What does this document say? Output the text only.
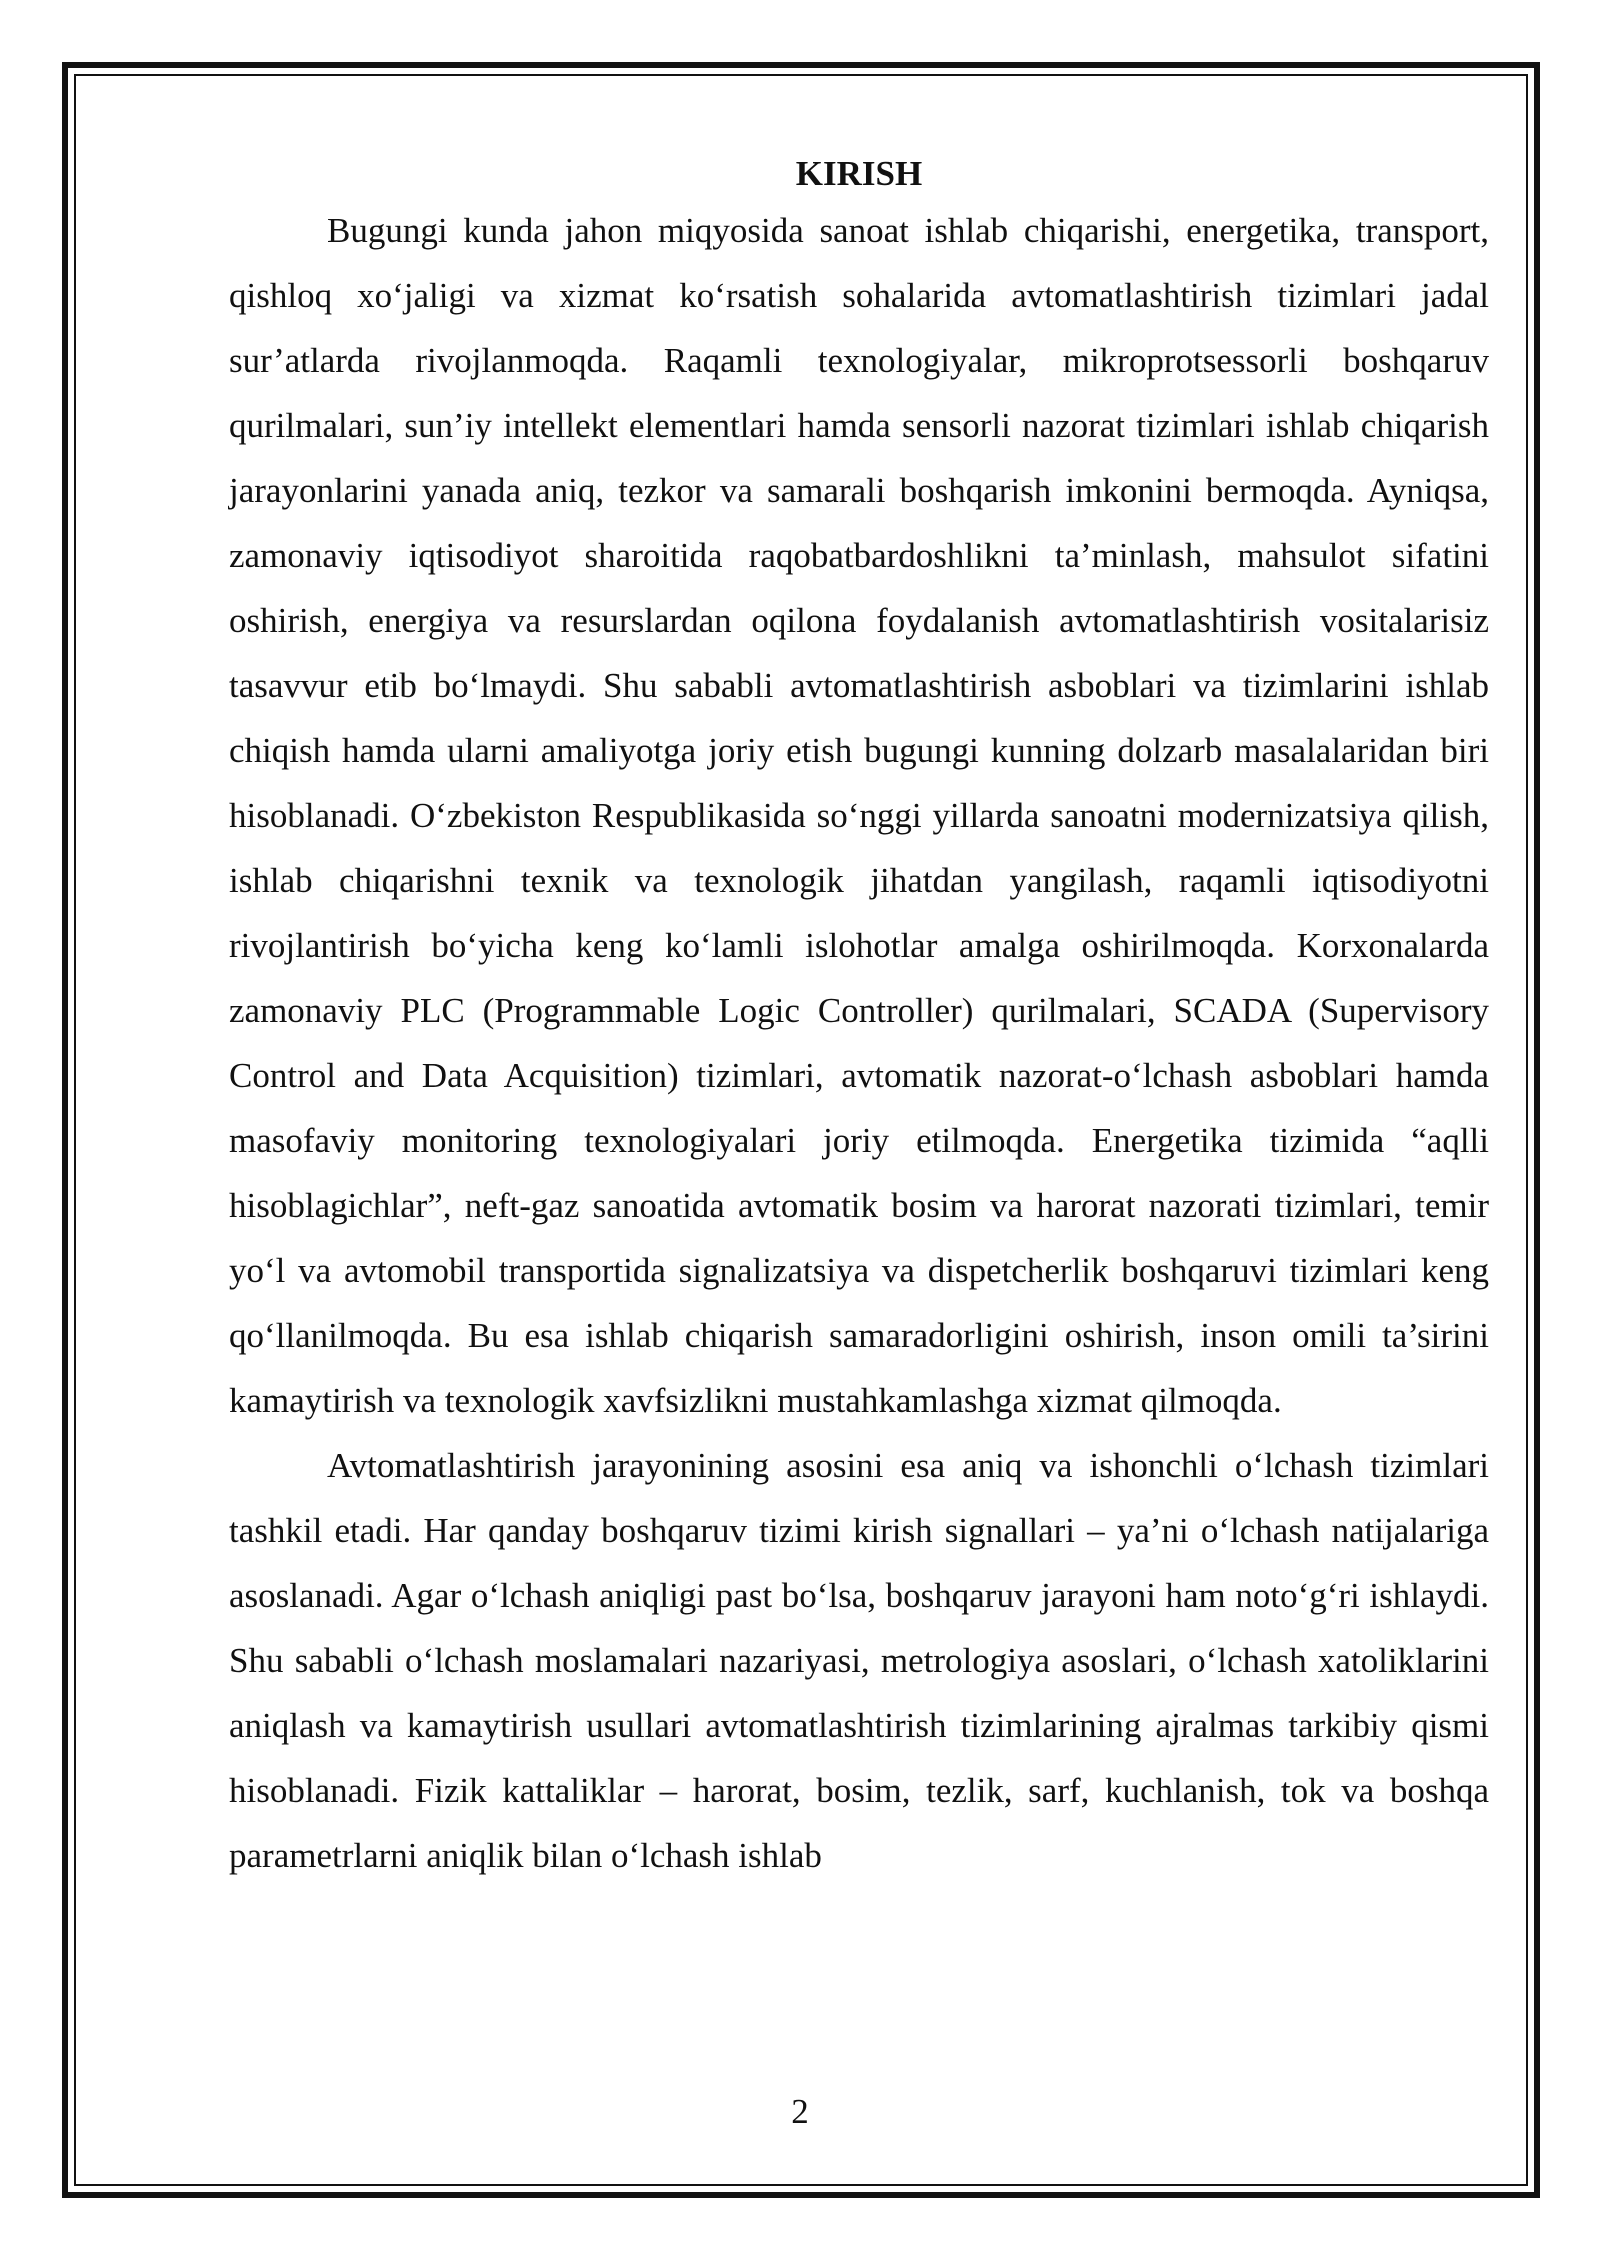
KIRISH

Bugungi kunda jahon miqyosida sanoat ishlab chiqarishi, energetika, transport, qishloq xo‘jaligi va xizmat ko‘rsatish sohalarida avtomatlashtirish tizimlari jadal sur’atlarda rivojlanmoqda. Raqamli texnologiyalar, mikroprotsessorli boshqaruv qurilmalari, sun’iy intellekt elementlari hamda sensorli nazorat tizimlari ishlab chiqarish jarayonlarini yanada aniq, tezkor va samarali boshqarish imkonini bermoqda. Ayniqsa, zamonaviy iqtisodiyot sharoitida raqobatbardoshlikni ta’minlash, mahsulot sifatini oshirish, energiya va resurslardan oqilona foydalanish avtomatlashtirish vositalarisiz tasavvur etib bo‘lmaydi. Shu sababli avtomatlashtirish asboblari va tizimlarini ishlab chiqish hamda ularni amaliyotga joriy etish bugungi kunning dolzarb masalalaridan biri hisoblanadi. O‘zbekiston Respublikasida so‘nggi yillarda sanoatni modernizatsiya qilish, ishlab chiqarishni texnik va texnologik jihatdan yangilash, raqamli iqtisodiyotni rivojlantirish bo‘yicha keng ko‘lamli islohotlar amalga oshirilmoqda. Korxonalarda zamonaviy PLC (Programmable Logic Controller) qurilmalari, SCADA (Supervisory Control and Data Acquisition) tizimlari, avtomatik nazorat-o‘lchash asboblari hamda masofaviy monitoring texnologiyalari joriy etilmoqda. Energetika tizimida “aqlli hisoblagichlar”, neft-gaz sanoatida avtomatik bosim va harorat nazorati tizimlari, temir yo‘l va avtomobil transportida signalizatsiya va dispetcherlik boshqaruvi tizimlari keng qo‘llanilmoqda. Bu esa ishlab chiqarish samaradorligini oshirish, inson omili ta’sirini kamaytirish va texnologik xavfsizlikni mustahkamlashga xizmat qilmoqda.

Avtomatlashtirish jarayonining asosini esa aniq va ishonchli o‘lchash tizimlari tashkil etadi. Har qanday boshqaruv tizimi kirish signallari – ya’ni o‘lchash natijalariga asoslanadi. Agar o‘lchash aniqligi past bo‘lsa, boshqaruv jarayoni ham noto‘g‘ri ishlaydi. Shu sababli o‘lchash moslamalari nazariyasi, metrologiya asoslari, o‘lchash xatoliklarini aniqlash va kamaytirish usullari avtomatlashtirish tizimlarining ajralmas tarkibiy qismi hisoblanadi. Fizik kattaliklar – harorat, bosim, tezlik, sarf, kuchlanish, tok va boshqa parametrlarni aniqlik bilan o‘lchash ishlab

2
